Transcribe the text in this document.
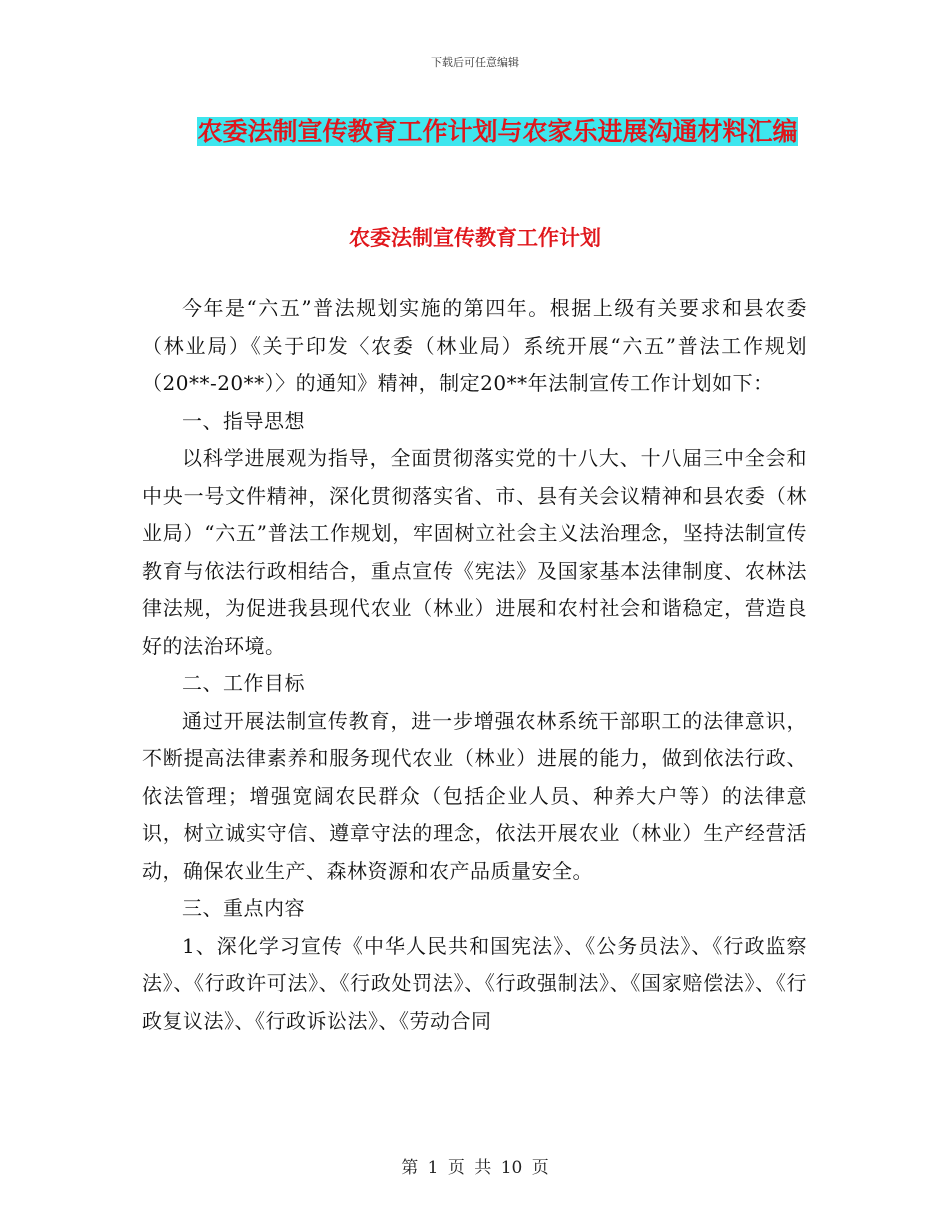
下载后可任意编辑
农委法制宣传教育工作计划与农家乐进展沟通材料汇编
农委法制宣传教育工作计划

今年是“六五”普法规划实施的第四年。根据上级有关要求和县农委（林业局）《关于印发〈农委（林业局）系统开展“六五”普法工作规划（20**-20**）〉的通知》精神，制定20**年法制宣传工作计划如下：

一、指导思想

以科学进展观为指导，全面贯彻落实党的十八大、十八届三中全会和中央一号文件精神，深化贯彻落实省、市、县有关会议精神和县农委（林业局）“六五”普法工作规划，牢固树立社会主义法治理念，坚持法制宣传教育与依法行政相结合，重点宣传《宪法》及国家基本法律制度、农林法律法规，为促进我县现代农业（林业）进展和农村社会和谐稳定，营造良好的法治环境。

二、工作目标

通过开展法制宣传教育，进一步增强农林系统干部职工的法律意识，不断提高法律素养和服务现代农业（林业）进展的能力，做到依法行政、依法管理；增强宽阔农民群众（包括企业人员、种养大户等）的法律意识，树立诚实守信、遵章守法的理念，依法开展农业（林业）生产经营活动，确保农业生产、森林资源和农产品质量安全。

三、重点内容

1、深化学习宣传《中华人民共和国宪法》、《公务员法》、《行政监察法》、《行政许可法》、《行政处罚法》、《行政强制法》、《国家赔偿法》、《行政复议法》、《行政诉讼法》、《劳动合同

第 1 页 共 10 页
